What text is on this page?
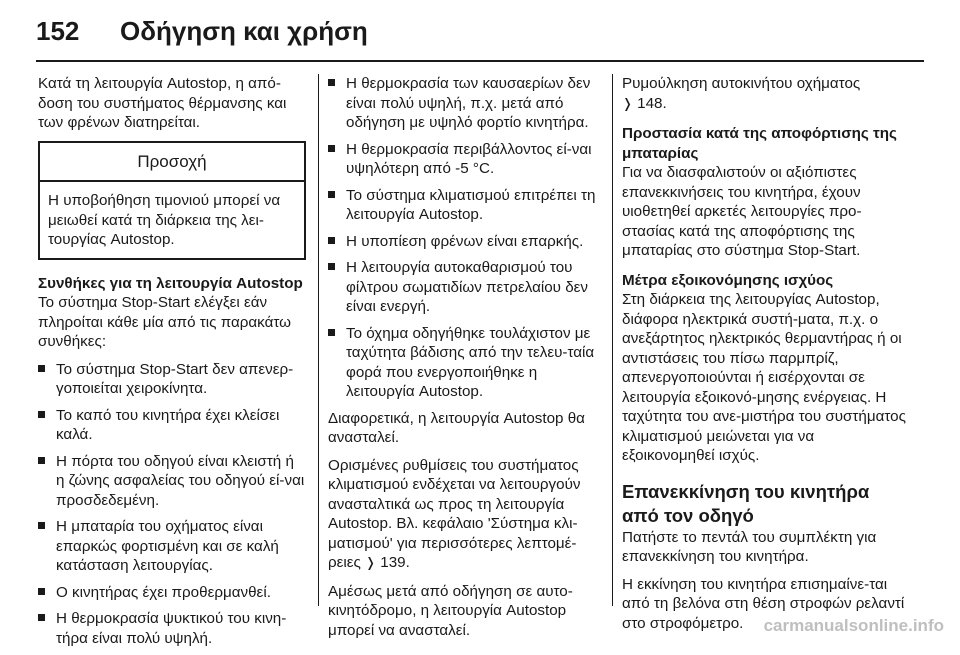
152	Οδήγηση και χρήση

Κατά τη λειτουργία Autostop, η από-δοση του συστήματος θέρμανσης και των φρένων διατηρείται.

Προσοχή
Η υποβοήθηση τιμονιού μπορεί να μειωθεί κατά τη διάρκεια της λει-τουργίας Autostop.
Συνθήκες για τη λειτουργία Autostop

Το σύστημα Stop-Start ελέγξει εάν πληρoίται κάθε μία από τις παρακάτω συνθήκες:

Το σύστημα Stop-Start δεν απενερ-γοποιείται χειροκίνητα.
Το καπό του κινητήρα έχει κλείσει καλά.
Η πόρτα του οδηγού είναι κλειστή ή η ζώνης ασφαλείας του οδηγού εί-ναι προσδεδεμένη.
Η μπαταρία του οχήματος είναι επαρκώς φορτισμένη και σε καλή κατάσταση λειτουργίας.
Ο κινητήρας έχει προθερμανθεί.
Η θερμοκρασία ψυκτικού του κινη-τήρα είναι πολύ υψηλή.
Η θερμοκρασία των καυσαερίων δεν είναι πολύ υψηλή, π.χ. μετά από οδήγηση με υψηλό φορτίο κινητήρα.
Η θερμοκρασία περιβάλλοντος εί-ναι υψηλότερη από -5 °C.
Το σύστημα κλιματισμού επιτρέπει τη λειτουργία Autostop.
Η υποπίεση φρένων είναι επαρκής.
Η λειτουργία αυτοκαθαρισμού του φίλτρου σωματιδίων πετρελαίου δεν είναι ενεργή.
Το όχημα οδηγήθηκε τουλάχιστον με ταχύτητα βάδισης από την τελευ-ταία φορά που ενεργοποιήθηκε η λειτουργία Autostop.

Διαφορετικά, η λειτουργία Autostop θα ανασταλεί.

Ορισμένες ρυθμίσεις του συστήματος κλιματισμού ενδέχεται να λειτουργούν ανασταλτικά ως προς τη λειτουργία Autostop. Βλ. κεφάλαιο 'Σύστημα κλι-ματισμού' για περισσότερες λεπτομέ-ρειες ❭ 139.

Αμέσως μετά από οδήγηση σε αυτο-κινητόδρομο, η λειτουργία Autostop μπορεί να ανασταλεί.

Ρυμούλκηση αυτοκινήτου οχήματος
❭ 148.

Προστασία κατά της αποφόρτισης της μπαταρίας

Για να διασφαλιστούν οι αξιόπιστες επανεκκινήσεις του κινητήρα, έχουν υιοθετηθεί αρκετές λειτουργίες προ-στασίας κατά της αποφόρτισης της μπαταρίας στο σύστημα Stop-Start.

Μέτρα εξοικονόμησης ισχύος

Στη διάρκεια της λειτουργίας Autostop, διάφορα ηλεκτρικά συστή-ματα, π.χ. ο ανεξάρτητος ηλεκτρικός θερμαντήρας ή οι αντιστάσεις του πίσω παρμπρίζ, απενεργοποιούνται ή εισέρχονται σε λειτουργία εξοικονό-μησης ενέργειας. Η ταχύτητα του ανε-μιστήρα του συστήματος κλιματισμού μειώνεται για να εξοικονομηθεί ισχύς.

Επανεκκίνηση του κινητήρα από τον οδηγό

Πατήστε το πεντάλ του συμπλέκτη για επανεκκίνηση του κινητήρα.

Η εκκίνηση του κινητήρα επισημαίνε-ται από τη βελόνα στη θέση στροφών ρελαντί στο στροφόμετρο.	carmanualsonline.info
